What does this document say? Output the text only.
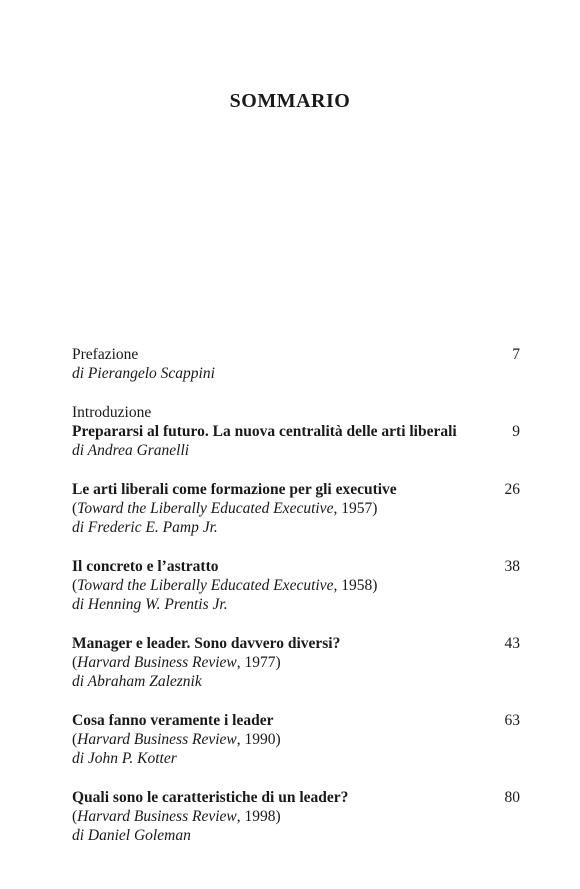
SOMMARIO
7
Prefazione
di Pierangelo Scappini
9
Introduzione
Prepararsi al futuro. La nuova centralità delle arti liberali
di Andrea Granelli
26
Le arti liberali come formazione per gli executive
(Toward the Liberally Educated Executive, 1957)
di Frederic E. Pamp Jr.
38
Il concreto e l’astratto
(Toward the Liberally Educated Executive, 1958)
di Henning W. Prentis Jr.
43
Manager e leader. Sono davvero diversi?
(Harvard Business Review, 1977)
di Abraham Zaleznik
63
Cosa fanno veramente i leader
(Harvard Business Review, 1990)
di John P. Kotter
80
Quali sono le caratteristiche di un leader?
(Harvard Business Review, 1998)
di Daniel Goleman
